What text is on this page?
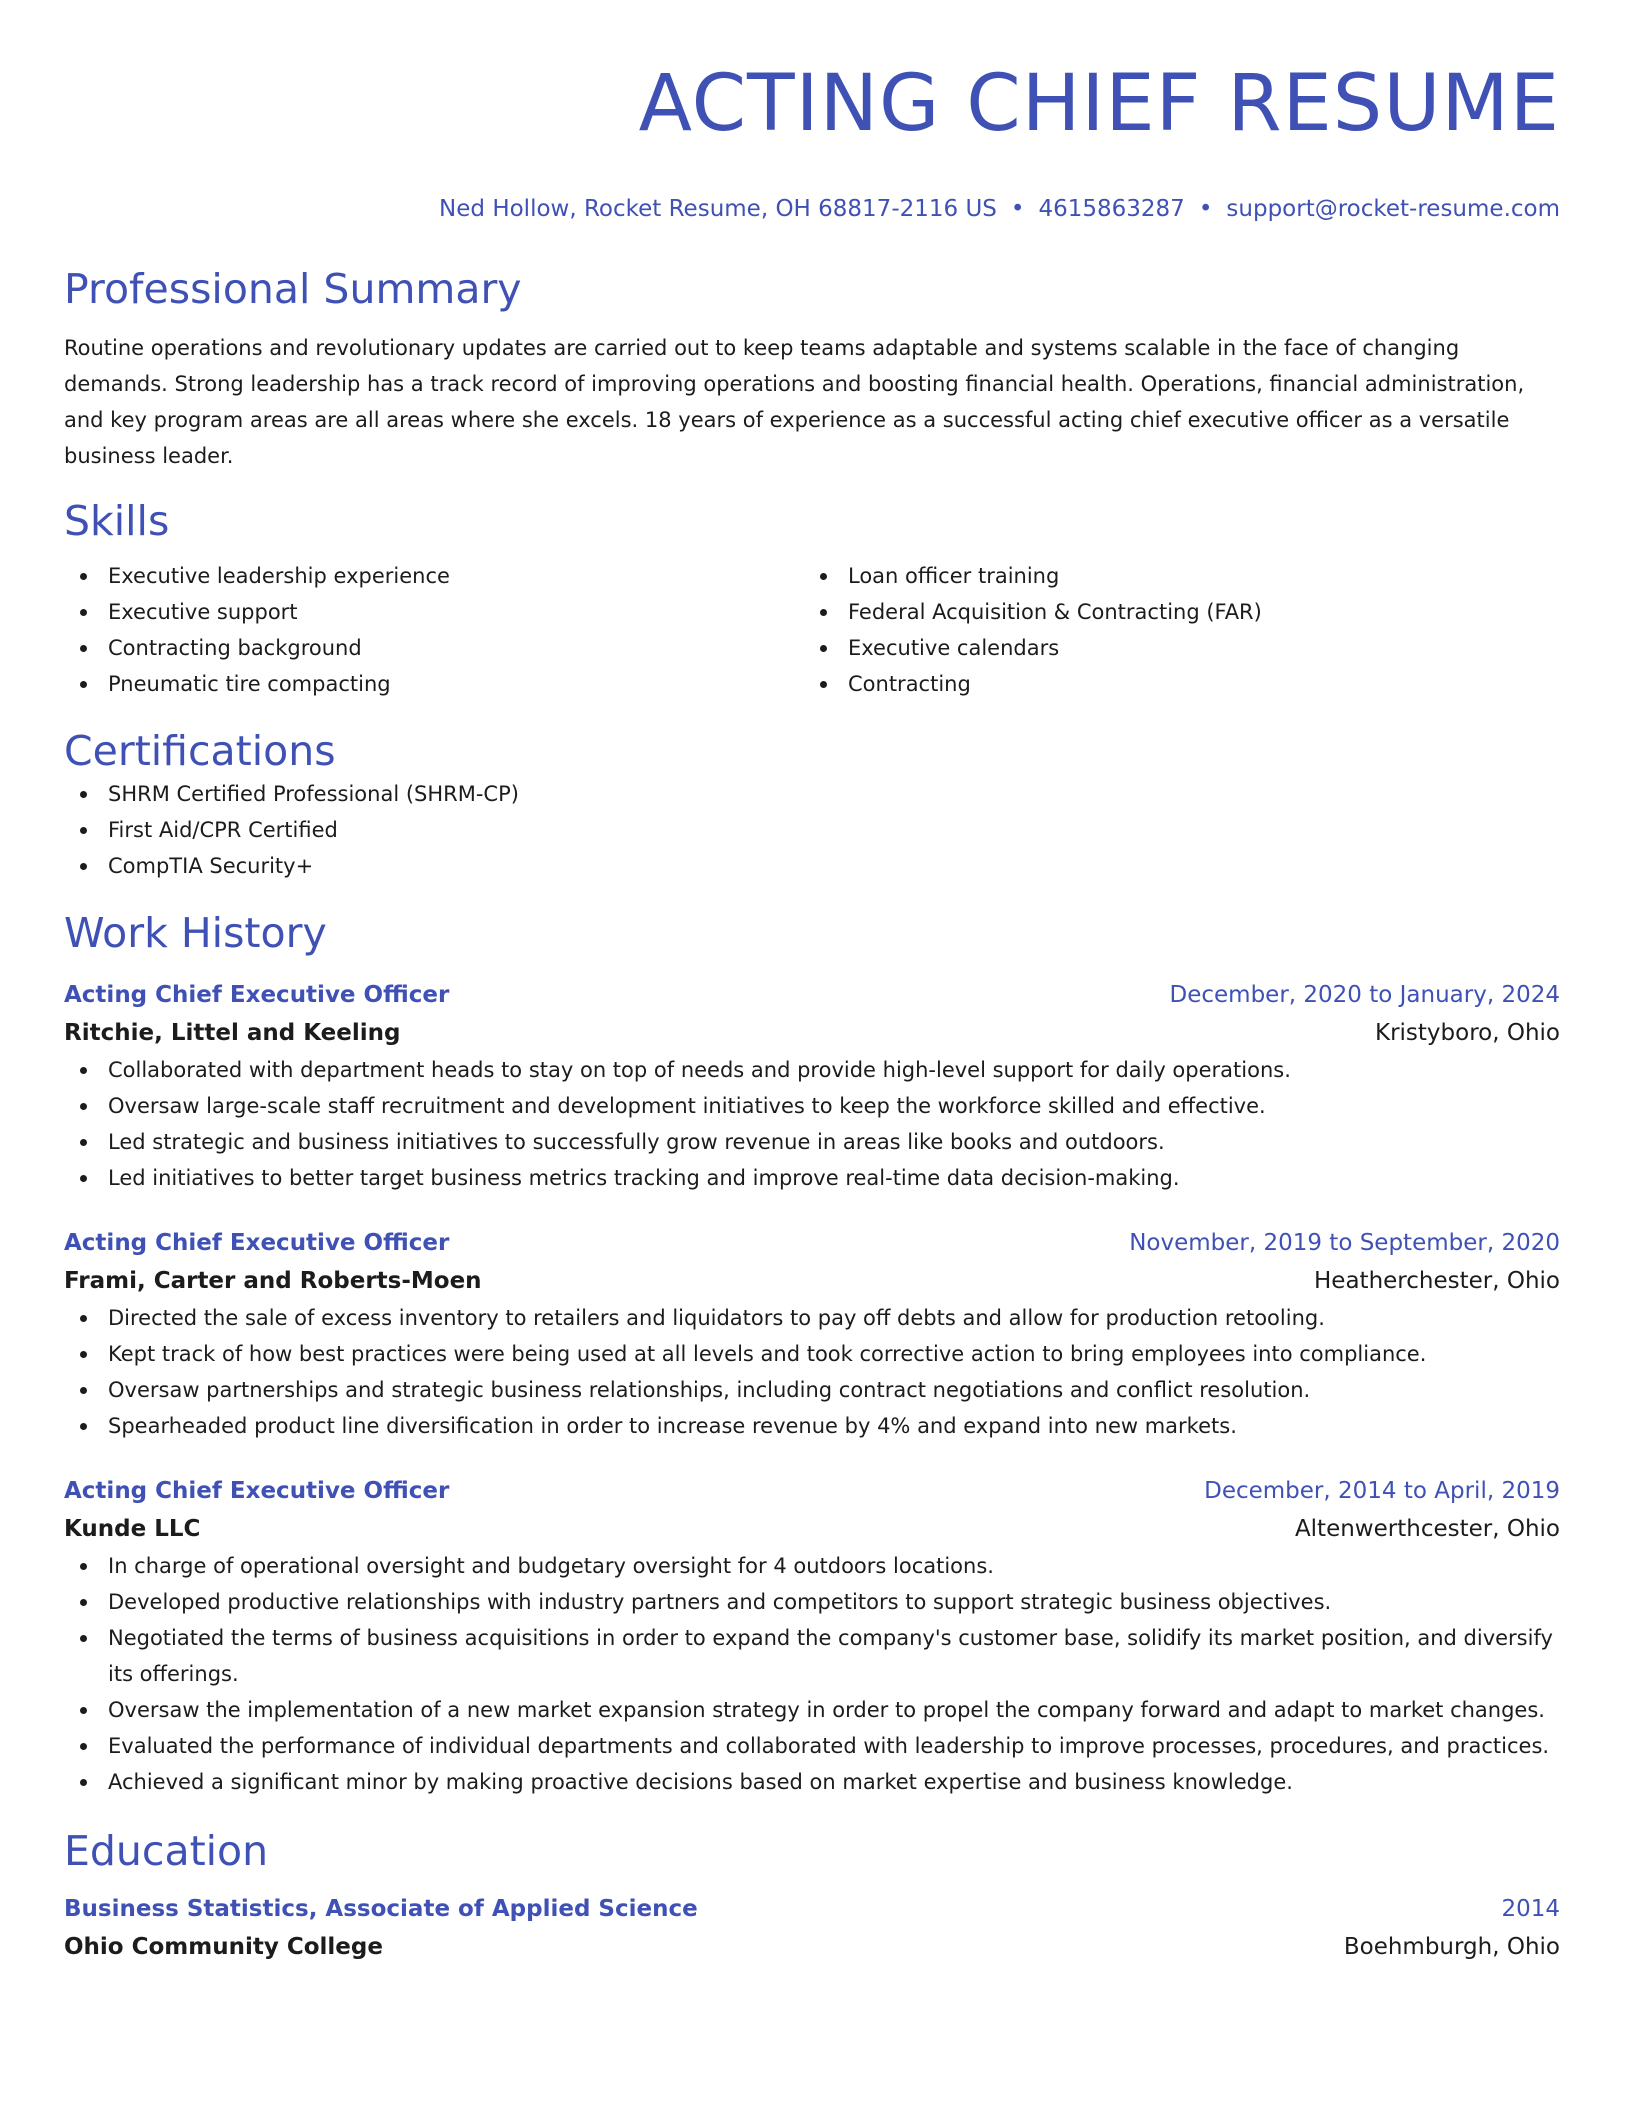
ACTING CHIEF RESUME
Ned Hollow, Rocket Resume, OH 68817-2116 US • 4615863287 • support@rocket-resume.com
Professional Summary
Routine operations and revolutionary updates are carried out to keep teams adaptable and systems scalable in the face of changing demands. Strong leadership has a track record of improving operations and boosting financial health. Operations, financial administration, and key program areas are all areas where she excels. 18 years of experience as a successful acting chief executive officer as a versatile business leader.
Skills
Executive leadership experience
Executive support
Contracting background
Pneumatic tire compacting
Loan officer training
Federal Acquisition & Contracting (FAR)
Executive calendars
Contracting
Certifications
SHRM Certified Professional (SHRM-CP)
First Aid/CPR Certified
CompTIA Security+
Work History
Acting Chief Executive Officer	December, 2020 to January, 2024
Ritchie, Littel and Keeling	Kristyboro, Ohio
Collaborated with department heads to stay on top of needs and provide high-level support for daily operations.
Oversaw large-scale staff recruitment and development initiatives to keep the workforce skilled and effective.
Led strategic and business initiatives to successfully grow revenue in areas like books and outdoors.
Led initiatives to better target business metrics tracking and improve real-time data decision-making.
Acting Chief Executive Officer	November, 2019 to September, 2020
Frami, Carter and Roberts-Moen	Heatherchester, Ohio
Directed the sale of excess inventory to retailers and liquidators to pay off debts and allow for production retooling.
Kept track of how best practices were being used at all levels and took corrective action to bring employees into compliance.
Oversaw partnerships and strategic business relationships, including contract negotiations and conflict resolution.
Spearheaded product line diversification in order to increase revenue by 4% and expand into new markets.
Acting Chief Executive Officer	December, 2014 to April, 2019
Kunde LLC	Altenwerthcester, Ohio
In charge of operational oversight and budgetary oversight for 4 outdoors locations.
Developed productive relationships with industry partners and competitors to support strategic business objectives.
Negotiated the terms of business acquisitions in order to expand the company's customer base, solidify its market position, and diversify its offerings.
Oversaw the implementation of a new market expansion strategy in order to propel the company forward and adapt to market changes.
Evaluated the performance of individual departments and collaborated with leadership to improve processes, procedures, and practices.
Achieved a significant minor by making proactive decisions based on market expertise and business knowledge.
Education
Business Statistics, Associate of Applied Science	2014
Ohio Community College	Boehmburgh, Ohio
